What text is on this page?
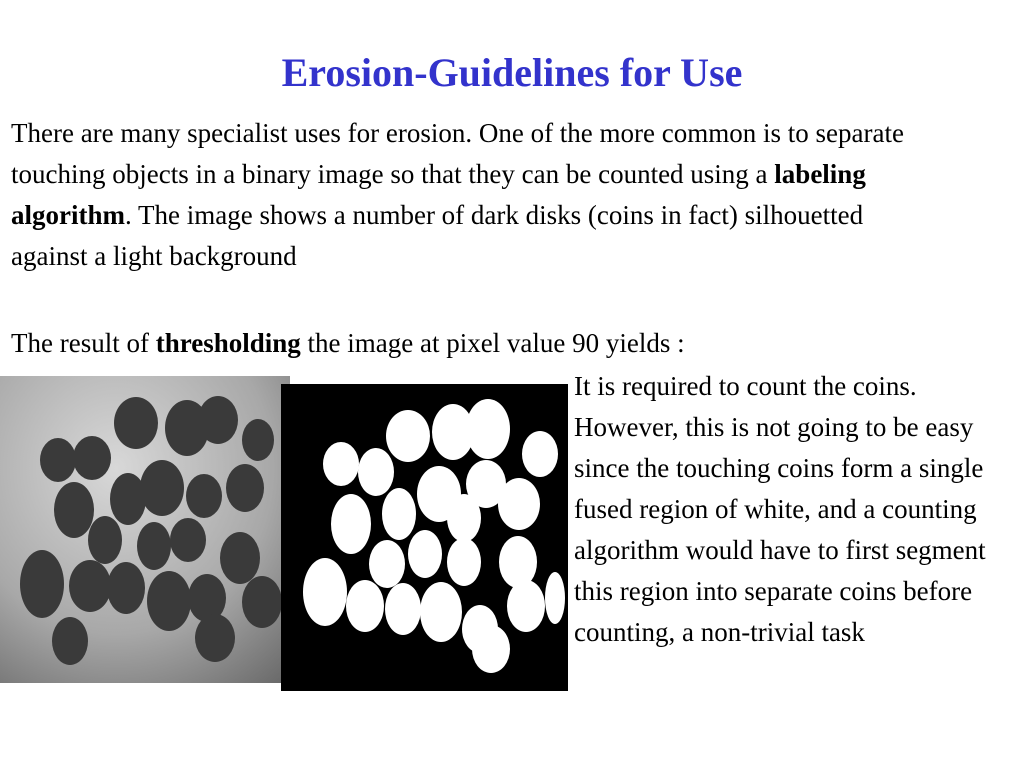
Erosion-Guidelines for Use
There are many specialist uses for erosion. One of the more common is to separate touching objects in a binary image so that they can be counted using a labeling algorithm. The image shows a number of dark disks (coins in fact) silhouetted against a light background
The result of thresholding the image at pixel value 90 yields :
It is required to count the coins. However, this is not going to be easy since the touching coins form a single fused region of white, and a counting algorithm would have to first segment this region into separate coins before counting, a non-trivial task
